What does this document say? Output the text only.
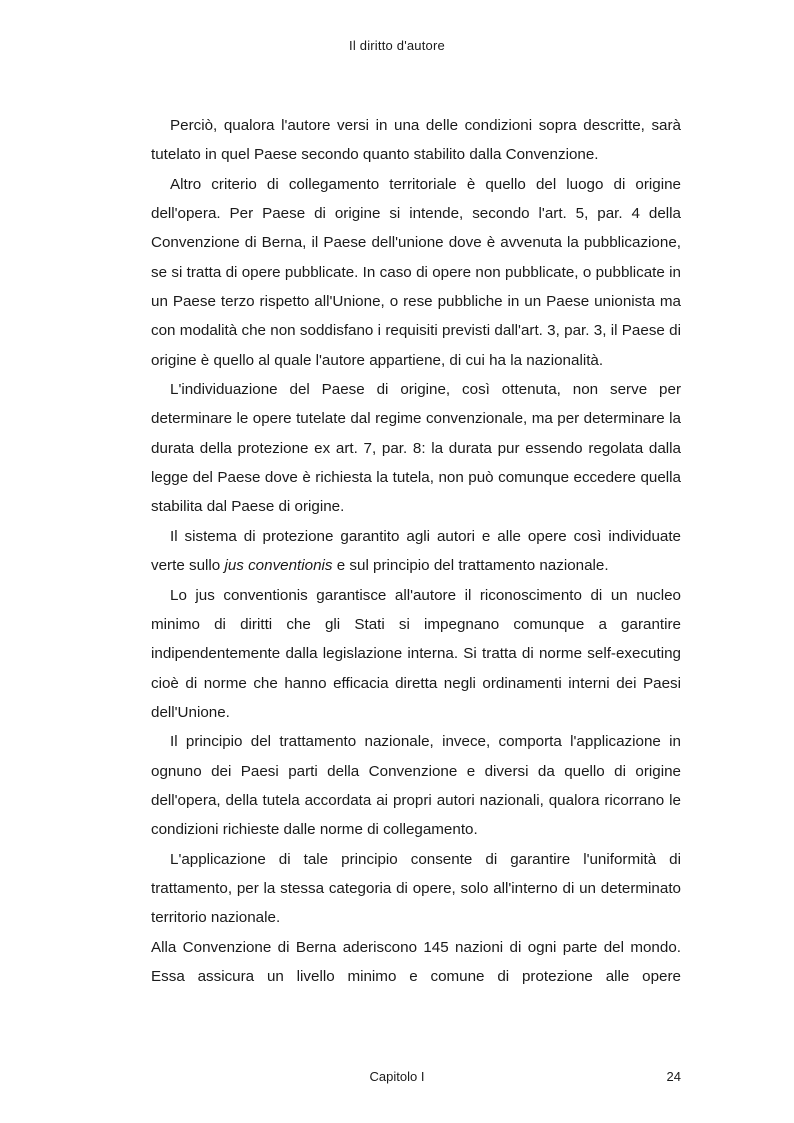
Il diritto d'autore

Perciò, qualora l'autore versi in una delle condizioni sopra descritte, sarà tutelato in quel Paese secondo quanto stabilito dalla Convenzione.

Altro criterio di collegamento territoriale è quello del luogo di origine dell'opera. Per Paese di origine si intende, secondo l'art. 5, par. 4 della Convenzione di Berna, il Paese dell'unione dove è avvenuta la pubblicazione, se si tratta di opere pubblicate. In caso di opere non pubblicate, o pubblicate in un Paese terzo rispetto all'Unione, o rese pubbliche in un Paese unionista ma con modalità che non soddisfano i requisiti previsti dall'art. 3, par. 3, il Paese di origine è quello al quale l'autore appartiene, di cui ha la nazionalità.

L'individuazione del Paese di origine, così ottenuta, non serve per determinare le opere tutelate dal regime convenzionale, ma per determinare la durata della protezione ex art. 7, par. 8: la durata pur essendo regolata dalla legge del Paese dove è richiesta la tutela, non può comunque eccedere quella stabilita dal Paese di origine.

Il sistema di protezione garantito agli autori e alle opere così individuate verte sullo jus conventionis e sul principio del trattamento nazionale.

Lo jus conventionis garantisce all'autore il riconoscimento di un nucleo minimo di diritti che gli Stati si impegnano comunque a garantire indipendentemente dalla legislazione interna. Si tratta di norme self-executing cioè di norme che hanno efficacia diretta negli ordinamenti interni dei Paesi dell'Unione.

Il principio del trattamento nazionale, invece, comporta l'applicazione in ognuno dei Paesi parti della Convenzione e diversi da quello di origine dell'opera, della tutela accordata ai propri autori nazionali, qualora ricorrano le condizioni richieste dalle norme di collegamento.

L'applicazione di tale principio consente di garantire l'uniformità di trattamento, per la stessa categoria di opere, solo all'interno di un determinato territorio nazionale.

Alla Convenzione di Berna aderiscono 145 nazioni di ogni parte del mondo. Essa assicura un livello minimo e comune di protezione alle opere

Capitolo I	24
